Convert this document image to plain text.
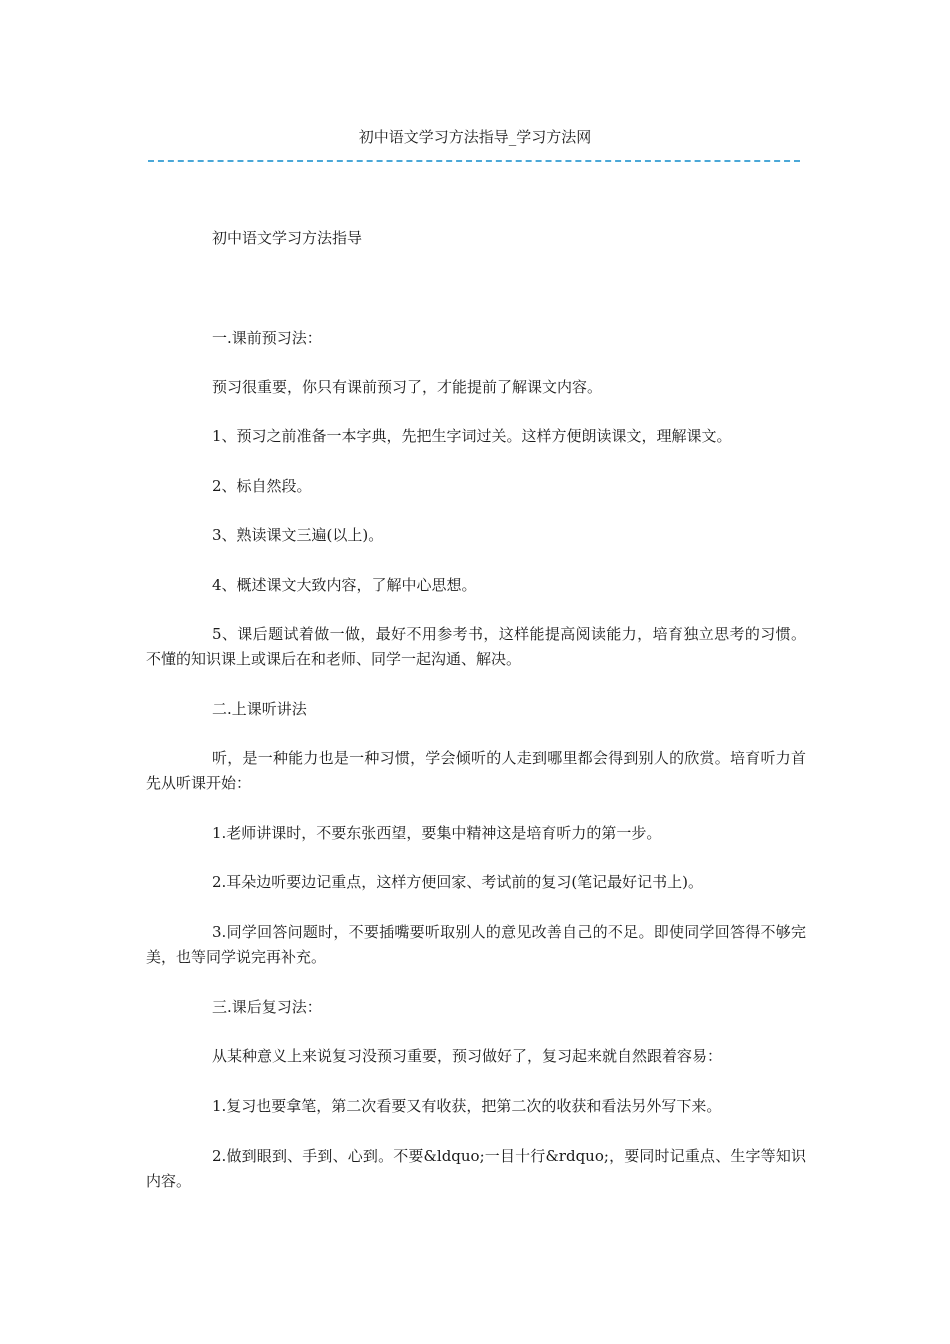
初中语文学习方法指导_学习方法网

初中语文学习方法指导

一.课前预习法：

预习很重要，你只有课前预习了，才能提前了解课文内容。

1、预习之前准备一本字典，先把生字词过关。这样方便朗读课文，理解课文。

2、标自然段。

3、熟读课文三遍(以上)。

4、概述课文大致内容，了解中心思想。

5、课后题试着做一做，最好不用参考书，这样能提高阅读能力，培育独立思考的习惯。不懂的知识课上或课后在和老师、同学一起沟通、解决。

二.上课听讲法

听，是一种能力也是一种习惯，学会倾听的人走到哪里都会得到别人的欣赏。培育听力首先从听课开始：

1.老师讲课时，不要东张西望，要集中精神这是培育听力的第一步。

2.耳朵边听要边记重点，这样方便回家、考试前的复习(笔记最好记书上)。

3.同学回答问题时，不要插嘴要听取别人的意见改善自己的不足。即使同学回答得不够完美，也等同学说完再补充。

三.课后复习法：

从某种意义上来说复习没预习重要，预习做好了，复习起来就自然跟着容易：

1.复习也要拿笔，第二次看要又有收获，把第二次的收获和看法另外写下来。

2.做到眼到、手到、心到。不要&ldquo;一目十行&rdquo;，要同时记重点、生字等知识内容。
